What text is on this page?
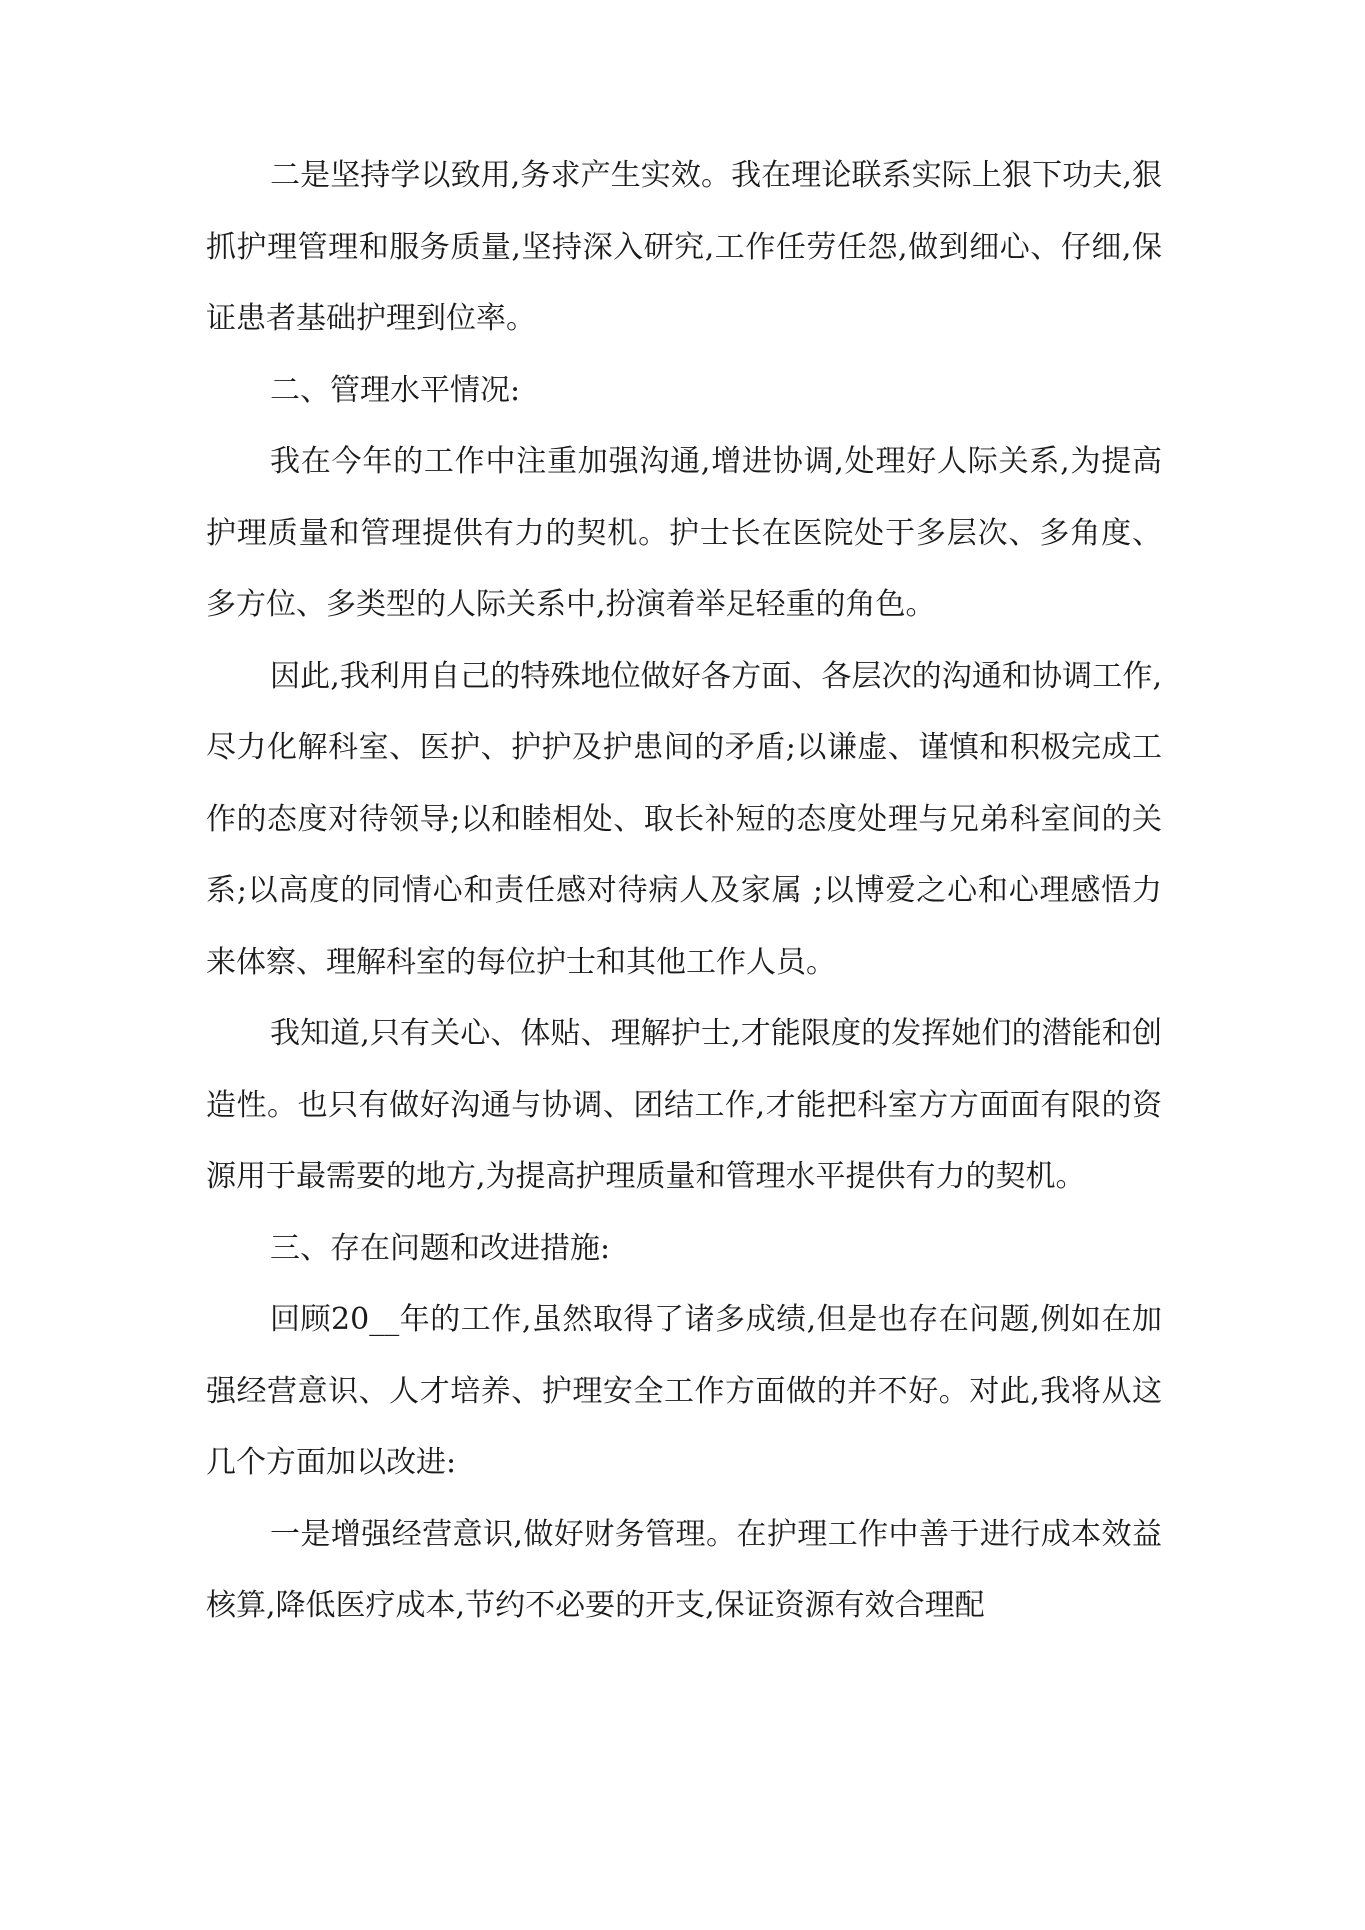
二是坚持学以致用,务求产生实效。我在理论联系实际上狠下功夫,狠抓护理管理和服务质量,坚持深入研究,工作任劳任怨,做到细心、仔细,保证患者基础护理到位率。

二、管理水平情况:

我在今年的工作中注重加强沟通,增进协调,处理好人际关系,为提高护理质量和管理提供有力的契机。护士长在医院处于多层次、多角度、多方位、多类型的人际关系中,扮演着举足轻重的角色。

因此,我利用自己的特殊地位做好各方面、各层次的沟通和协调工作,尽力化解科室、医护、护护及护患间的矛盾;以谦虚、谨慎和积极完成工作的态度对待领导;以和睦相处、取长补短的态度处理与兄弟科室间的关系;以高度的同情心和责任感对待病人及家属 ;以博爱之心和心理感悟力来体察、理解科室的每位护士和其他工作人员。

我知道,只有关心、体贴、理解护士,才能限度的发挥她们的潜能和创造性。也只有做好沟通与协调、团结工作,才能把科室方方面面有限的资源用于最需要的地方,为提高护理质量和管理水平提供有力的契机。

三、存在问题和改进措施:

回顾20__年的工作,虽然取得了诸多成绩,但是也存在问题,例如在加强经营意识、人才培养、护理安全工作方面做的并不好。对此,我将从这几个方面加以改进:

一是增强经营意识,做好财务管理。在护理工作中善于进行成本效益核算,降低医疗成本,节约不必要的开支,保证资源有效合理配
